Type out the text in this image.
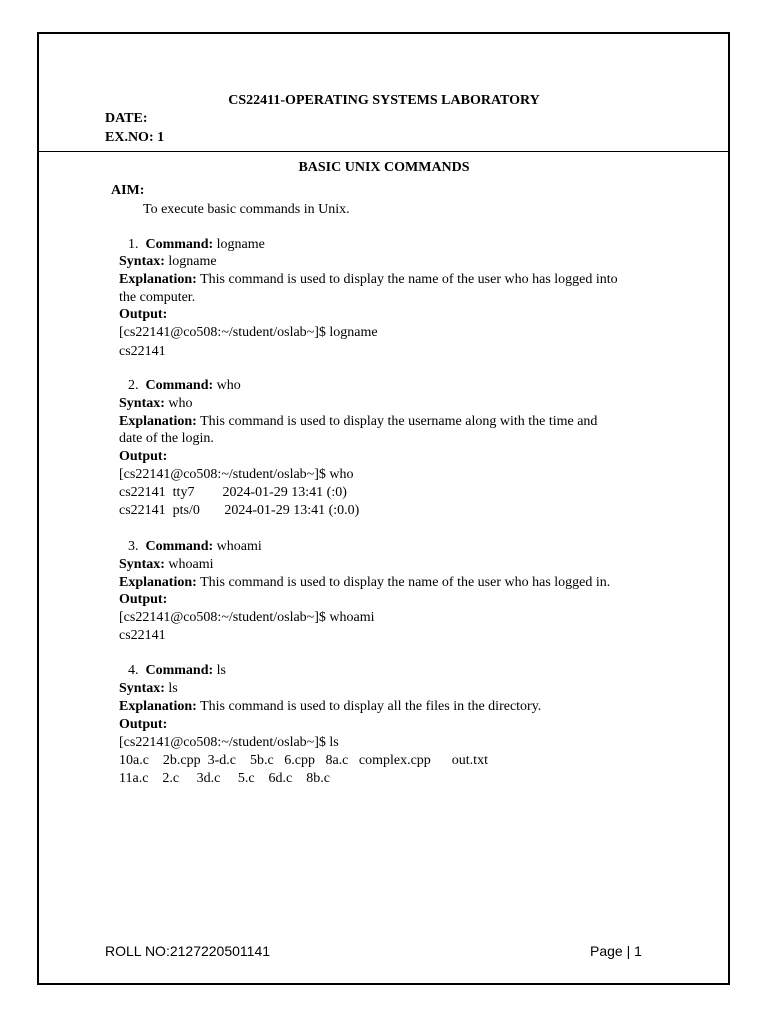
CS22411-OPERATING SYSTEMS LABORATORY
DATE:
EX.NO: 1
BASIC UNIX COMMANDS
AIM:
To execute basic commands in Unix.
1. Command: logname
Syntax: logname
Explanation: This command is used to display the name of the user who has logged into
the computer.
Output:
[cs22141@co508:~/student/oslab~]$ logname
cs22141
2. Command: who
Syntax: who
Explanation: This command is used to display the username along with the time and
date of the login.
Output:
[cs22141@co508:~/student/oslab~]$ who
cs22141  tty7        2024-01-29 13:41 (:0)
cs22141  pts/0       2024-01-29 13:41 (:0.0)
3. Command: whoami
Syntax: whoami
Explanation: This command is used to display the name of the user who has logged in.
Output:
[cs22141@co508:~/student/oslab~]$ whoami
cs22141
4. Command: ls
Syntax: ls
Explanation: This command is used to display all the files in the directory.
Output:
[cs22141@co508:~/student/oslab~]$ ls
10a.c    2b.cpp  3-d.c    5b.c   6.cpp   8a.c   complex.cpp      out.txt
11a.c    2.c     3d.c     5.c    6d.c    8b.c
ROLL NO:2127220501141	Page | 1
